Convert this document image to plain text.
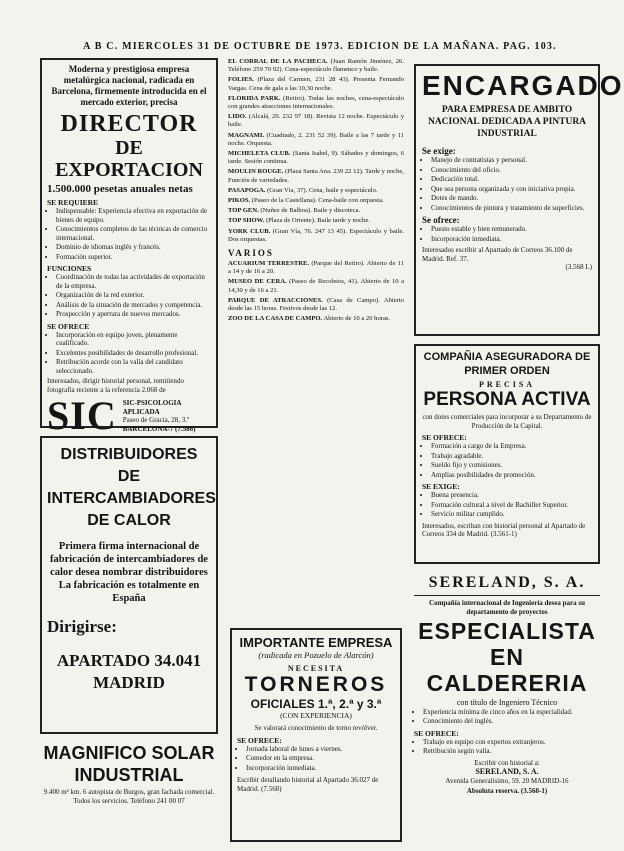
A B C. MIERCOLES 31 DE OCTUBRE DE 1973. EDICION DE LA MAÑANA. PAG. 103.
Moderna y prestigiosa empresa metalúrgica nacional, radicada en Barcelona, firmemente introducida en el mercado exterior, precisa
DIRECTOR
DE EXPORTACION
1.500.000 pesetas anuales netas
SE REQUIERE
• Indispensable: Experiencia efectiva en exportación de bienes de equipo.
• Conocimientos completos de las técnicas de comercio internacional.
• Dominio de idiomas inglés y francés.
• Formación superior.
FUNCIONES
• Coordinación de todas las actividades de exportación de la empresa.
• Organización de la red exterior.
• Análisis de la situación de mercados y competencia.
• Prospección y apertura de nuevos mercados.
SE OFRECE
• Incorporación en equipo joven, plenamente cualificado.
• Excelentes posibilidades de desarrollo profesional.
• Retribución acorde con la valía del candidato seleccionado.
Interesados, dirigir historial personal, remitiendo fotografía reciente a la referencia 2.068 de
SIC SIC-PSICOLOGIA APLICADA
Paseo de Gracia, 28, 3.º
BARCELONA-7 (7.586)
DISTRIBUIDORES
DE
INTERCAMBIADORES
DE CALOR
Primera firma internacional de fabricación de intercambiadores de calor desea nombrar distribuidores
La fabricación es totalmente en España
Dirigirse:
APARTADO 34.041
MADRID
MAGNIFICO SOLAR
INDUSTRIAL
9.400 m² km. 6 autopista de Burgos, gran fachada comercial. Todos los servicios. Teléfono 241 00 07
EL CORRAL DE LA PACHECA. (Juan Ramón Jiménez, 26. Teléfono 259 70 92). Cena-espectáculo flamenco y baile.
FOLIES. (Plaza del Carmen, 231 28 43). Presenta Fernando Vargas. Cena de gala a las 10,30 noche.
FLORIDA PARK. (Retiro). Todas las noches, cena-espectáculo con grandes atracciones internacionales.
LIDO. (Alcalá, 20. 232 97 18). Revista 12 noche. Espectáculo y baile.
MAGNAMI. (Cuadrado, 2. 231 52 39). Baile a las 7 tarde y 11 noche. Orquesta.
MICHELETA CLUB. (Santa Isabel, 9). Sábados y domingos, 6 tarde. Sesión continua.
MOULIN ROUGE. (Plaza Santa Ana. 239 22 12). Tarde y noche, Función de variedades.
PASAPOGA. (Gran Vía, 37). Cena, baile y espectáculo.
PIKOS. (Paseo de la Castellana). Cena-baile con orquesta.
TOP GEN. (Nuñez de Balboa). Baile y discoteca.
TOP SHOW. (Plaza de Oriente). Baile tarde y noche.
YORK CLUB. (Gran Vía, 76. 247 13 45). Espectáculo y baile. Dos orquestas.
VARIOS
ACUARIUM TERRESTRE. (Parque del Retiro). Abierto de 11 a 14 y de 16 a 20.
MUSEO DE CERA. (Paseo de Recoletos, 41). Abierto de 10 a 14,30 y de 16 a 21.
PARQUE DE ATRACCIONES. (Casa de Campo). Abierto desde las 15 horas. Festivos desde las 12.
ZOO DE LA CASA DE CAMPO. Abierto de 10 a 20 horas.
IMPORTANTE EMPRESA
(radicada en Pozuelo de Alarcón)
NECESITA
TORNEROS
OFICIALES 1.ª, 2.ª y 3.ª
(CON EXPERIENCIA)
Se valorará conocimiento de torno revólver.
SE OFRECE:
• Jornada laboral de lunes a viernes.
• Comedor en la empresa.
• Incorporación inmediata.
Escribir detallando historial al Apartado 36.027 de Madrid. (7.568)
ENCARGADO
PARA EMPRESA DE AMBITO NACIONAL DEDICADA A PINTURA INDUSTRIAL
Se exige:
• Manejo de contratistas y personal.
• Conocimiento del oficio.
• Dedicación total.
• Que sea persona organizada y con iniciativa propia.
• Dotes de mando.
• Conocimientos de pintura y tratamiento de superficies.
Se ofrece:
• Puesto estable y bien remunerado.
• Incorporación inmediata.
Interesados escribir al Apartado de Correos 36.100 de Madrid. Ref. 37.
(3.568 L)
COMPAÑIA ASEGURADORA DE PRIMER ORDEN
PRECISA
PERSONA ACTIVA
con dotes comerciales para incorporar a su Departamento de Producción de la Capital.
SE OFRECE:
• Formación a cargo de la Empresa.
• Trabajo agradable.
• Sueldo fijo y comisiones.
• Amplias posibilidades de promoción.
SE EXIGE:
• Buena presencia.
• Formación cultural a nivel de Bachiller Superior.
• Servicio militar cumplido.
Interesados, escriban con historial personal al Apartado de Correos 334 de Madrid. (3.561-1)
SERELAND, S. A.
Compañía internacional de Ingeniería desea para su departamento de proyectos
ESPECIALISTA
EN CALDERERIA
con título de Ingeniero Técnico
• Experiencia mínima de cinco años en la especialidad.
• Conocimiento del inglés.
SE OFRECE:
• Trabajo en equipo con expertos extranjeros.
• Retribución según valía.
Escribir con historial a:
SERELAND, S. A.
Avenida Generalísimo, 59. 20 MADRID-16
Absoluta reserva. (3.560-1)
